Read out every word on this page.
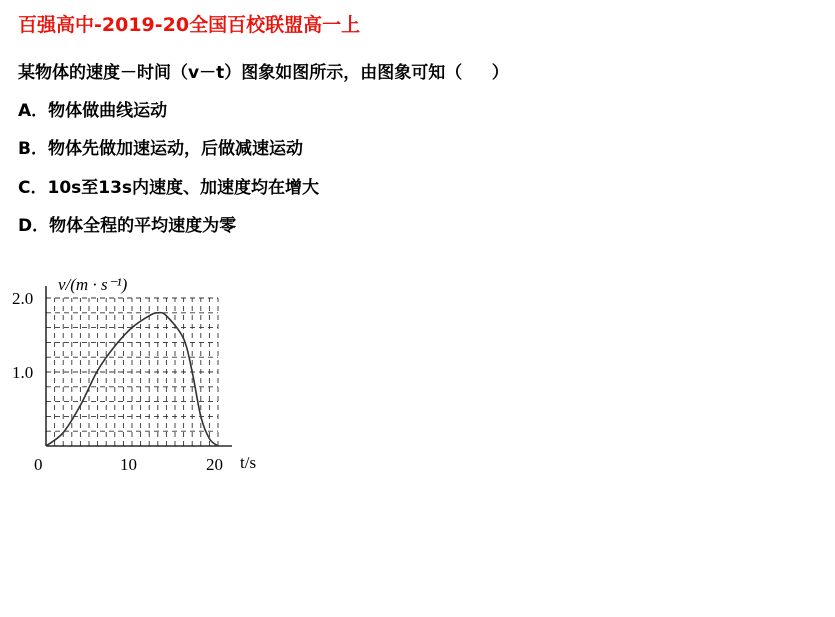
百强高中-2019-20全国百校联盟高一上
某物体的速度－时间（v－t）图象如图所示，由图象可知（     ）
A．物体做曲线运动
B．物体先做加速运动，后做减速运动
C．10s至13s内速度、加速度均在增大
D．物体全程的平均速度为零
2.0
1.0
0	10	20
v/(m · s⁻¹)
t/s
